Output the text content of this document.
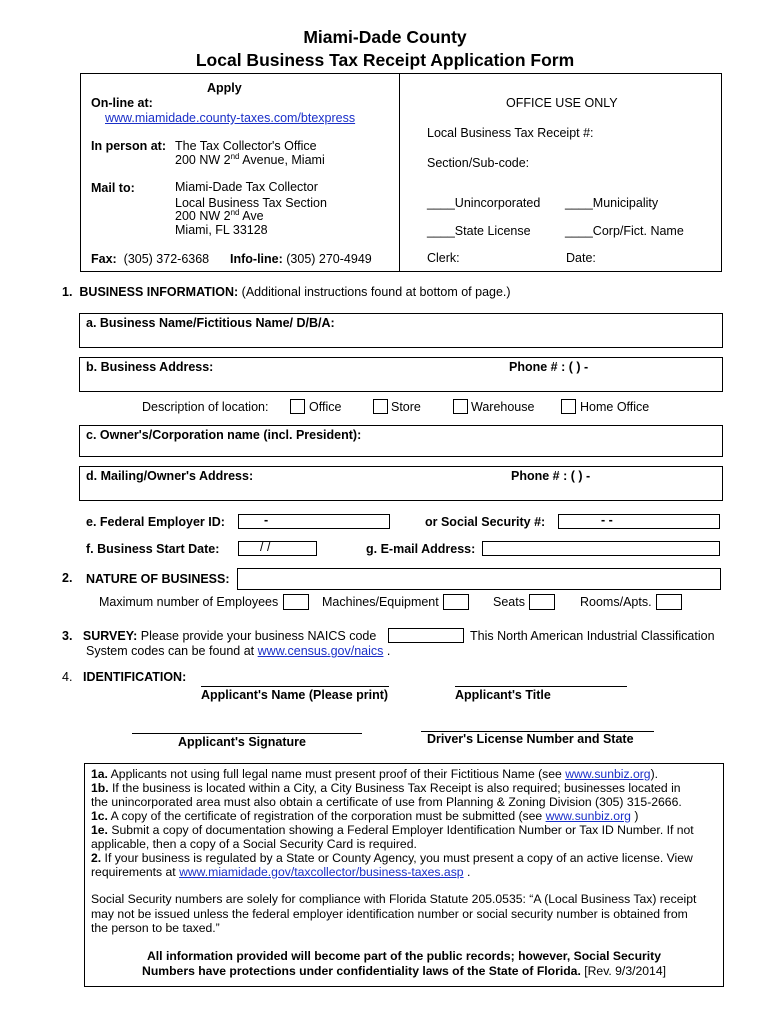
Miami-Dade County
Local Business Tax Receipt Application Form
Apply
On-line at:
www.miamidade.county-taxes.com/btexpress
In person at: The Tax Collector's Office
200 NW 2nd Avenue, Miami
Mail to:	Miami-Dade Tax Collector
Local Business Tax Section
200 NW 2nd Ave
Miami, FL 33128
Fax: (305) 372-6368 Info-line: (305) 270-4949
OFFICE USE ONLY
Local Business Tax Receipt #:
Section/Sub-code:
____Unincorporated ____Municipality
____State License	____Corp/Fict. Name
Clerk:	Date:
1. BUSINESS INFORMATION: (Additional instructions found at bottom of page.)
a. Business Name/Fictitious Name/ D/B/A:
b. Business Address:	Phone # : ( ) -
Description of location:	Office	Store	Warehouse	Home Office
c. Owner's/Corporation name (incl. President):
d. Mailing/Owner's Address:	Phone # : ( ) -
e. Federal Employer ID:	-	or Social Security #:	- -
f. Business Start Date:	/ /	g. E-mail Address:
2. NATURE OF BUSINESS:
Maximum number of Employees	Machines/Equipment	Seats	Rooms/Apts.
3. SURVEY: Please provide your business NAICS code	This North American Industrial Classification
System codes can be found at www.census.gov/naics .
4. IDENTIFICATION:
Applicant's Name (Please print)	Applicant's Title
Applicant's Signature	Driver's License Number and State
1a. Applicants not using full legal name must present proof of their Fictitious Name (see www.sunbiz.org).
1b. If the business is located within a City, a City Business Tax Receipt is also required; businesses located in
the unincorporated area must also obtain a certificate of use from Planning & Zoning Division (305) 315-2666.
1c. A copy of the certificate of registration of the corporation must be submitted (see www.sunbiz.org )
1e. Submit a copy of documentation showing a Federal Employer Identification Number or Tax ID Number. If not
applicable, then a copy of a Social Security Card is required.
2. If your business is regulated by a State or County Agency, you must present a copy of an active license. View
requirements at www.miamidade.gov/taxcollector/business-taxes.asp .
Social Security numbers are solely for compliance with Florida Statute 205.0535: “A (Local Business Tax) receipt
may not be issued unless the federal employer identification number or social security number is obtained from
the person to be taxed.”
All information provided will become part of the public records; however, Social Security
Numbers have protections under confidentiality laws of the State of Florida. [Rev. 9/3/2014]
